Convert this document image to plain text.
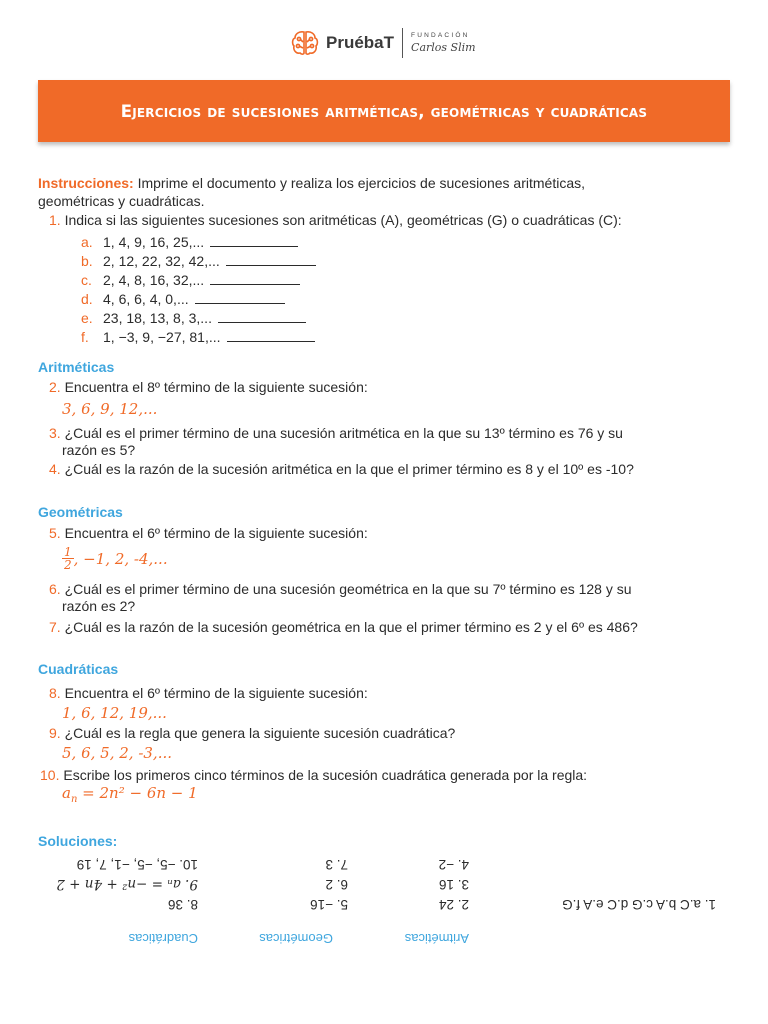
PruébaT	FUNDACIÓN
Carlos Slim
Ejercicios de sucesiones aritméticas, geométricas y cuadráticas
Instrucciones: Imprime el documento y realiza los ejercicios de sucesiones aritméticas,
geométricas y cuadráticas.
1. Indica si las siguientes sucesiones son aritméticas (A), geométricas (G) o cuadráticas (C):
a. 1, 4, 9, 16, 25,...
b. 2, 12, 22, 32, 42,...
c. 2, 4, 8, 16, 32,...
d. 4, 6, 6, 4, 0,...
e. 23, 18, 13, 8, 3,...
f. 1, −3, 9, −27, 81,...
Aritméticas
2. Encuentra el 8º término de la siguiente sucesión:
3, 6, 9, 12,...
3. ¿Cuál es el primer término de una sucesión aritmética en la que su 13º término es 76 y su
razón es 5?
4. ¿Cuál es la razón de la sucesión aritmética en la que el primer término es 8 y el 10º es -10?
Geométricas
5. Encuentra el 6º término de la siguiente sucesión:
$\frac{1}{2}$ , −1, 2, -4,...
6. ¿Cuál es el primer término de una sucesión geométrica en la que su 7º término es 128 y su
razón es 2?
7. ¿Cuál es la razón de la sucesión geométrica en la que el primer término es 2 y el 6º es 486?
Cuadráticas
8. Encuentra el 6º término de la siguiente sucesión:
1, 6, 12, 19,...
9. ¿Cuál es la regla que genera la siguiente sucesión cuadrática?
5, 6, 5, 2, -3,...
10. Escribe los primeros cinco términos de la sucesión cuadrática generada por la regla:
$a_n = 2n^2 - 6n - 1$
Soluciones:
1. a.C b.A c.G d.C e.A f.G
2. 24
3. 16
4. −2
5. −16
6. 2
7. 3
8. 36
9. aₙ = −n² + 4n + 2
10. −5, −5, −1, 7, 19
Aritméticas
Geométricas
Cuadráticas
